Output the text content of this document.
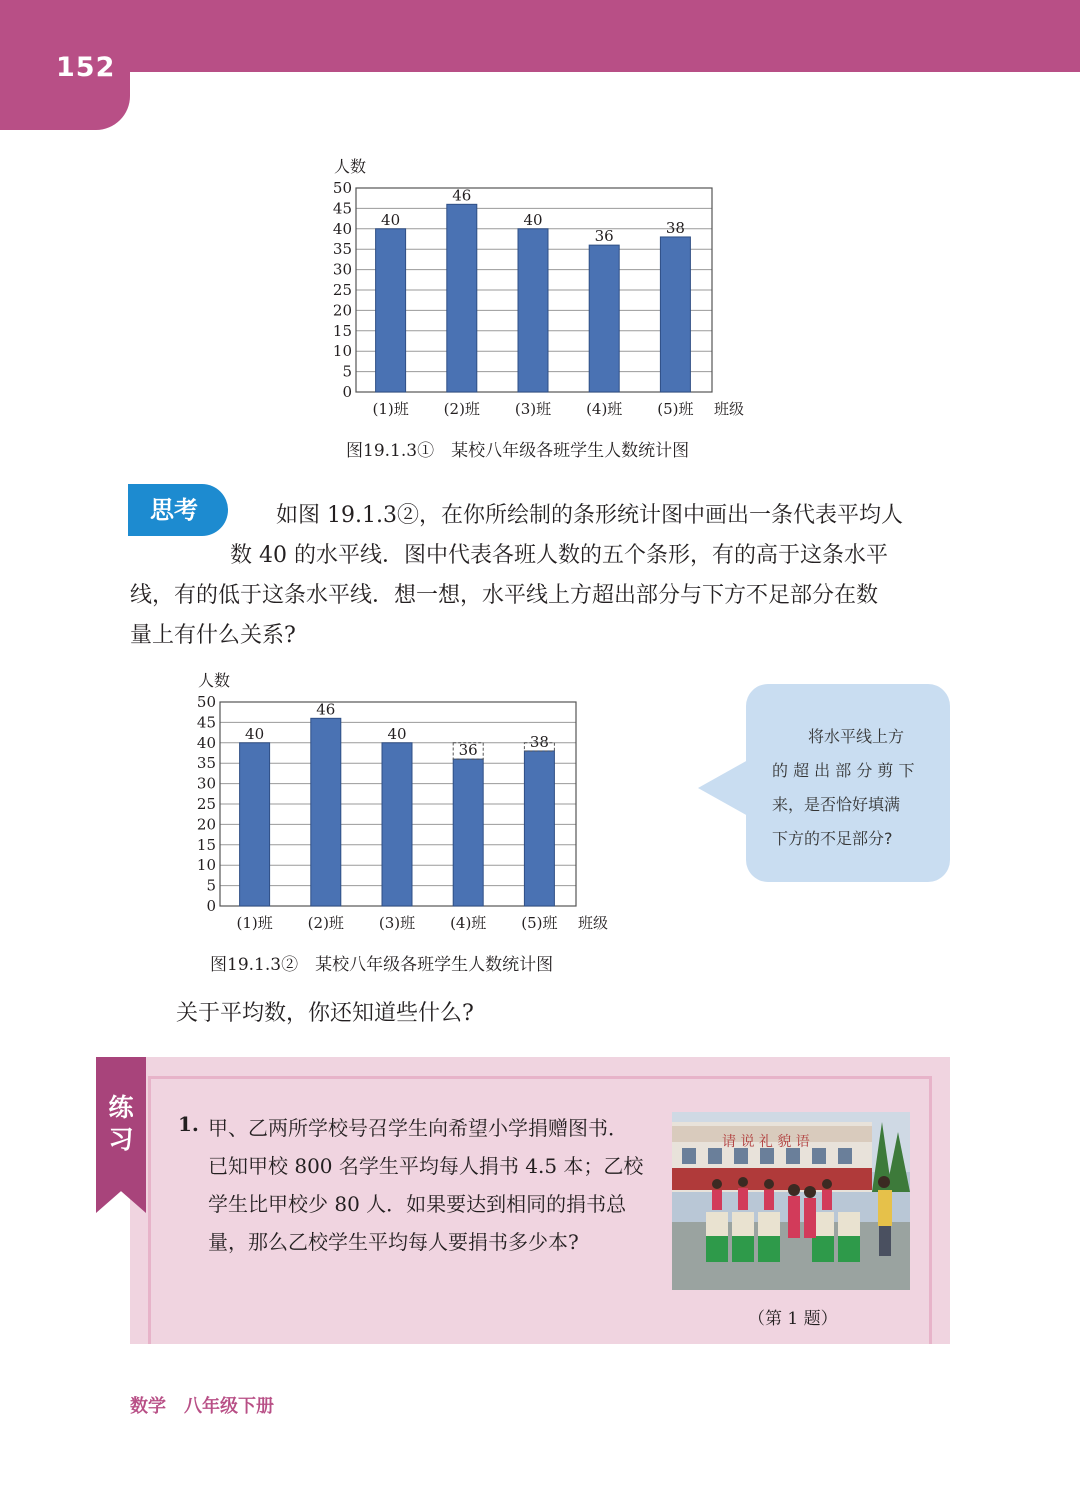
152
0
5
10
15
20
25
30
35
40
45
50
人数
40
(1)班
46
(2)班
40
(3)班
36
(4)班
38
(5)班 班级
图19.1.3①　某校八年级各班学生人数统计图
思考	如图 19.1.3②，在你所绘制的条形统计图中画出一条代表平均人
数 40 的水平线．图中代表各班人数的五个条形，有的高于这条水平
线，有的低于这条水平线．想一想，水平线上方超出部分与下方不足部分在数
量上有什么关系?
0
5
10
15
20
25
30
35
40
45
50
人数
40
(1)班
46
(2)班
40
(3)班
36
(4)班
38
(5)班 班级
图19.1.3②　某校八年级各班学生人数统计图
将水平线上方
的 超 出 部 分 剪 下
来，是否恰好填满
下方的不足部分?
关于平均数，你还知道些什么?
练
习
1. 甲、乙两所学校号召学生向希望小学捐赠图书．
已知甲校 800 名学生平均每人捐书 4.5 本；乙校
学生比甲校少 80 人．如果要达到相同的捐书总
量，那么乙校学生平均每人要捐书多少本?
请 说 礼 貌 语
（第 1 题）
数学　八年级下册
